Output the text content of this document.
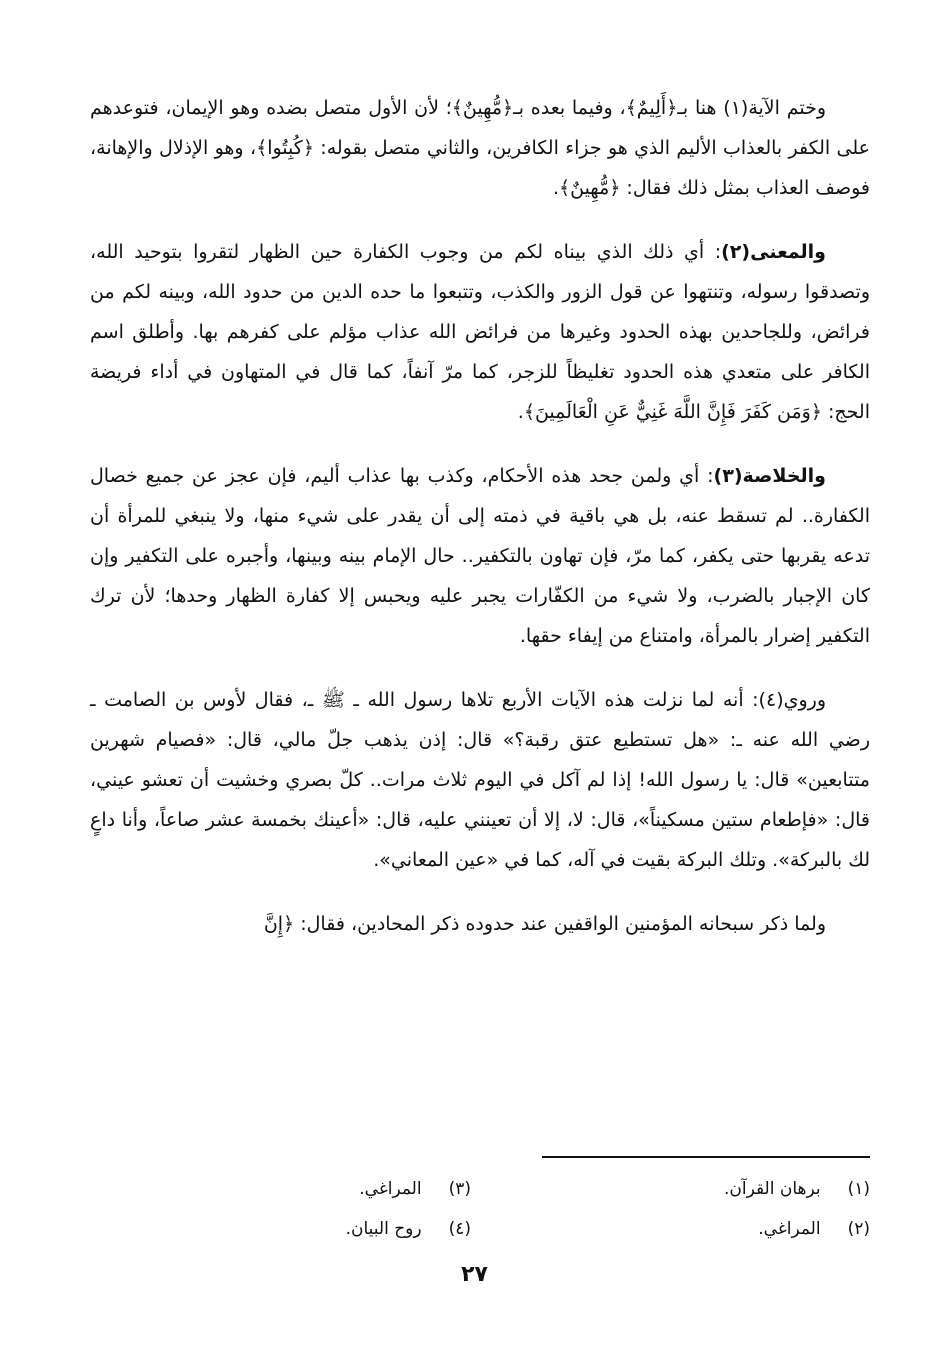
وختم الآية(١) هنا بـ﴿أَلِيمٌ﴾، وفيما بعده بـ﴿مُّهِينٌ﴾؛ لأن الأول متصل بضده وهو الإيمان، فتوعدهم على الكفر بالعذاب الأليم الذي هو جزاء الكافرين، والثاني متصل بقوله: ﴿كُبِتُوا﴾، وهو الإذلال والإهانة، فوصف العذاب بمثل ذلك فقال: ﴿مُّهِينٌ﴾.

والمعنى(٢): أي ذلك الذي بيناه لكم من وجوب الكفارة حين الظهار لتقروا بتوحيد الله، وتصدقوا رسوله، وتنتهوا عن قول الزور والكذب، وتتبعوا ما حده الدين من حدود الله، وبينه لكم من فرائض، وللجاحدين بهذه الحدود وغيرها من فرائض الله عذاب مؤلم على كفرهم بها. وأطلق اسم الكافر على متعدي هذه الحدود تغليظاً للزجر، كما مرّ آنفاً، كما قال في المتهاون في أداء فريضة الحج: ﴿وَمَن كَفَرَ فَإِنَّ اللَّهَ غَنِيٌّ عَنِ الْعَالَمِينَ﴾.

والخلاصة(٣): أي ولمن جحد هذه الأحكام، وكذب بها عذاب أليم، فإن عجز عن جميع خصال الكفارة.. لم تسقط عنه، بل هي باقية في ذمته إلى أن يقدر على شيء منها، ولا ينبغي للمرأة أن تدعه يقربها حتى يكفر، كما مرّ، فإن تهاون بالتكفير.. حال الإمام بينه وبينها، وأجبره على التكفير وإن كان الإجبار بالضرب، ولا شيء من الكفّارات يجبر عليه ويحبس إلا كفارة الظهار وحدها؛ لأن ترك التكفير إضرار بالمرأة، وامتناع من إيفاء حقها.

وروي(٤): أنه لما نزلت هذه الآيات الأربع تلاها رسول الله ـ ﷺ ـ، فقال لأوس بن الصامت ـ رضي الله عنه ـ: «هل تستطيع عتق رقبة؟» قال: إذن يذهب جلّ مالي، قال: «فصيام شهرين متتابعين» قال: يا رسول الله! إذا لم آكل في اليوم ثلاث مرات.. كلّ بصري وخشيت أن تعشو عيني، قال: «فإطعام ستين مسكيناً»، قال: لا، إلا أن تعينني عليه، قال: «أعينك بخمسة عشر صاعاً، وأنا داعٍ لك بالبركة». وتلك البركة بقيت في آله، كما في «عين المعاني».

ولما ذكر سبحانه المؤمنين الواقفين عند حدوده ذكر المحادين، فقال: ﴿إِنَّ

(١) برهان القرآن.
(٢) المراغي.
(٣) المراغي.
(٤) روح البيان.
٢٧
